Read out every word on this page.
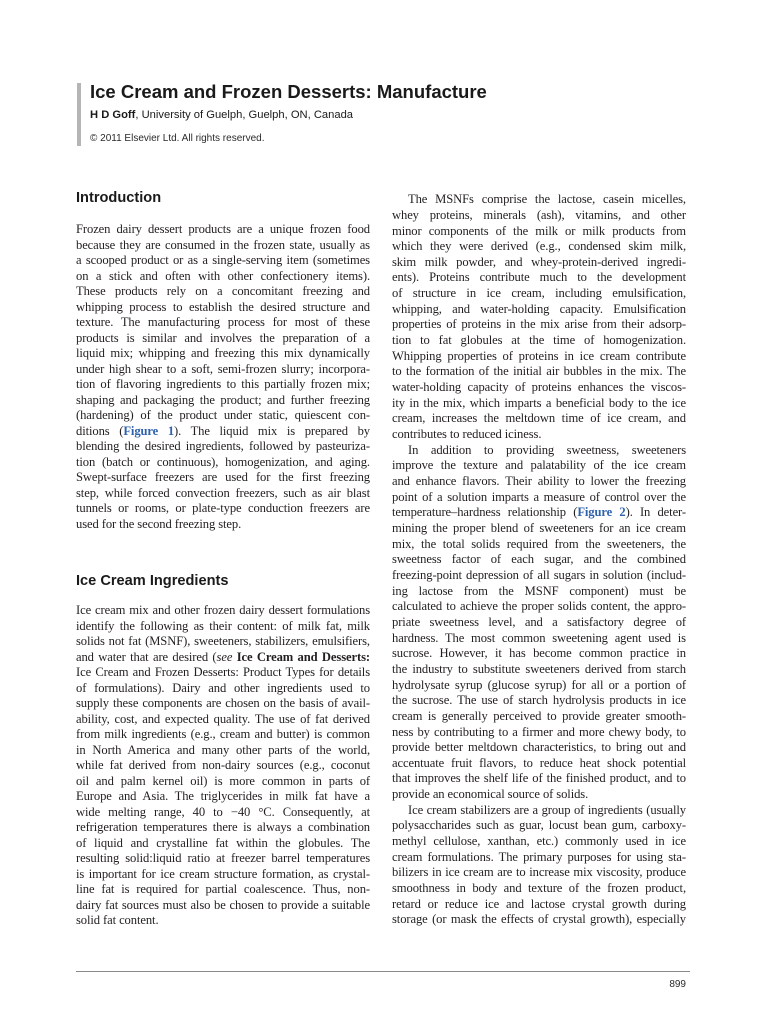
Ice Cream and Frozen Desserts: Manufacture
H D Goff, University of Guelph, Guelph, ON, Canada
© 2011 Elsevier Ltd. All rights reserved.
Introduction
Frozen dairy dessert products are a unique frozen food
because they are consumed in the frozen state, usually as
a scooped product or as a single-serving item (sometimes
on a stick and often with other confectionery items).
These products rely on a concomitant freezing and
whipping process to establish the desired structure and
texture. The manufacturing process for most of these
products is similar and involves the preparation of a
liquid mix; whipping and freezing this mix dynamically
under high shear to a soft, semi-frozen slurry; incorpora-
tion of flavoring ingredients to this partially frozen mix;
shaping and packaging the product; and further freezing
(hardening) of the product under static, quiescent con-
ditions (Figure 1). The liquid mix is prepared by
blending the desired ingredients, followed by pasteuriza-
tion (batch or continuous), homogenization, and aging.
Swept-surface freezers are used for the first freezing
step, while forced convection freezers, such as air blast
tunnels or rooms, or plate-type conduction freezers are
used for the second freezing step.
Ice Cream Ingredients
Ice cream mix and other frozen dairy dessert formulations
identify the following as their content: of milk fat, milk
solids not fat (MSNF), sweeteners, stabilizers, emulsifiers,
and water that are desired (see Ice Cream and Desserts:
Ice Cream and Frozen Desserts: Product Types for details
of formulations). Dairy and other ingredients used to
supply these components are chosen on the basis of avail-
ability, cost, and expected quality. The use of fat derived
from milk ingredients (e.g., cream and butter) is common
in North America and many other parts of the world,
while fat derived from non-dairy sources (e.g., coconut
oil and palm kernel oil) is more common in parts of
Europe and Asia. The triglycerides in milk fat have a
wide melting range, 40 to −40 °C. Consequently, at
refrigeration temperatures there is always a combination
of liquid and crystalline fat within the globules. The
resulting solid:liquid ratio at freezer barrel temperatures
is important for ice cream structure formation, as crystal-
line fat is required for partial coalescence. Thus, non-
dairy fat sources must also be chosen to provide a suitable
solid fat content.
The MSNFs comprise the lactose, casein micelles,
whey proteins, minerals (ash), vitamins, and other
minor components of the milk or milk products from
which they were derived (e.g., condensed skim milk,
skim milk powder, and whey-protein-derived ingredi-
ents). Proteins contribute much to the development
of structure in ice cream, including emulsification,
whipping, and water-holding capacity. Emulsification
properties of proteins in the mix arise from their adsorp-
tion to fat globules at the time of homogenization.
Whipping properties of proteins in ice cream contribute
to the formation of the initial air bubbles in the mix. The
water-holding capacity of proteins enhances the viscos-
ity in the mix, which imparts a beneficial body to the ice
cream, increases the meltdown time of ice cream, and
contributes to reduced iciness.
In addition to providing sweetness, sweeteners
improve the texture and palatability of the ice cream
and enhance flavors. Their ability to lower the freezing
point of a solution imparts a measure of control over the
temperature–hardness relationship (Figure 2). In deter-
mining the proper blend of sweeteners for an ice cream
mix, the total solids required from the sweeteners, the
sweetness factor of each sugar, and the combined
freezing-point depression of all sugars in solution (includ-
ing lactose from the MSNF component) must be
calculated to achieve the proper solids content, the appro-
priate sweetness level, and a satisfactory degree of
hardness. The most common sweetening agent used is
sucrose. However, it has become common practice in
the industry to substitute sweeteners derived from starch
hydrolysate syrup (glucose syrup) for all or a portion of
the sucrose. The use of starch hydrolysis products in ice
cream is generally perceived to provide greater smooth-
ness by contributing to a firmer and more chewy body, to
provide better meltdown characteristics, to bring out and
accentuate fruit flavors, to reduce heat shock potential
that improves the shelf life of the finished product, and to
provide an economical source of solids.
Ice cream stabilizers are a group of ingredients (usually
polysaccharides such as guar, locust bean gum, carboxy-
methyl cellulose, xanthan, etc.) commonly used in ice
cream formulations. The primary purposes for using sta-
bilizers in ice cream are to increase mix viscosity, produce
smoothness in body and texture of the frozen product,
retard or reduce ice and lactose crystal growth during
storage (or mask the effects of crystal growth), especially
899
